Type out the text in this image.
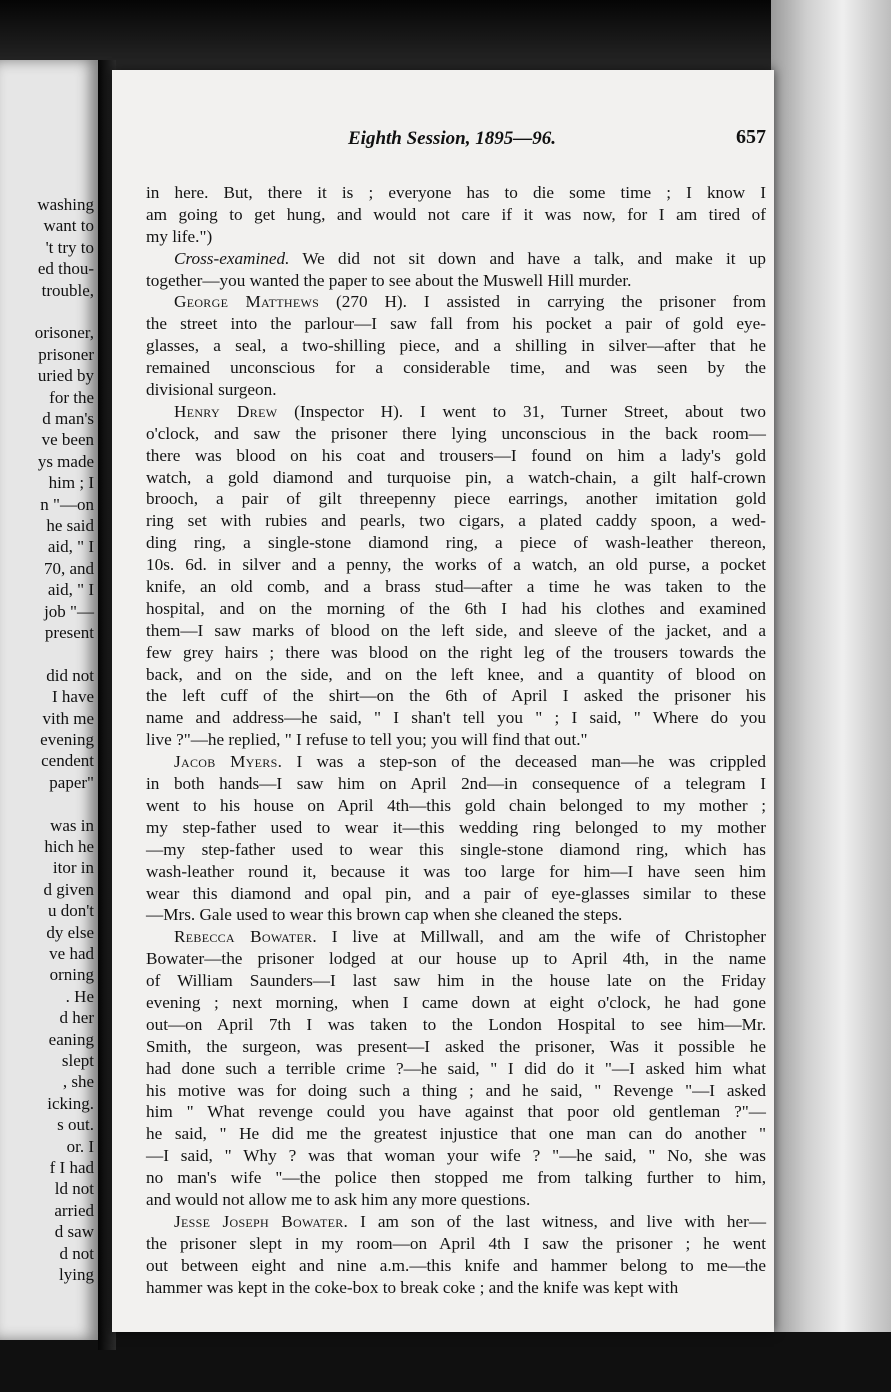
washing
want to
't try to
ed thou-
trouble,
orisoner,
prisoner
uried by
for the
d man's
ve been
ys made
him ; I
n "—on
he said
aid, " I
70, and
aid, " I
job "—
present
did not
I have
vith me
evening
cendent
paper"
was in
hich he
itor in
d given
u don't
dy else
ve had
orning
. He
d her
eaning
slept
, she
icking.
s out.
or. I
f I had
ld not
arried
d saw
d not
lying
Eighth Session, 1895—96.	657
in here. But, there it is ; everyone has to die some time ; I know I
am going to get hung, and would not care if it was now, for I am tired of
my life.")
Cross-examined. We did not sit down and have a talk, and make it up
together—you wanted the paper to see about the Muswell Hill murder.
George Matthews (270 H). I assisted in carrying the prisoner from
the street into the parlour—I saw fall from his pocket a pair of gold eye-
glasses, a seal, a two-shilling piece, and a shilling in silver—after that he
remained unconscious for a considerable time, and was seen by the
divisional surgeon.
Henry Drew (Inspector H). I went to 31, Turner Street, about two
o'clock, and saw the prisoner there lying unconscious in the back room—
there was blood on his coat and trousers—I found on him a lady's gold
watch, a gold diamond and turquoise pin, a watch-chain, a gilt half-crown
brooch, a pair of gilt threepenny piece earrings, another imitation gold
ring set with rubies and pearls, two cigars, a plated caddy spoon, a wed-
ding ring, a single-stone diamond ring, a piece of wash-leather thereon,
10s. 6d. in silver and a penny, the works of a watch, an old purse, a pocket
knife, an old comb, and a brass stud—after a time he was taken to the
hospital, and on the morning of the 6th I had his clothes and examined
them—I saw marks of blood on the left side, and sleeve of the jacket, and a
few grey hairs ; there was blood on the right leg of the trousers towards the
back, and on the side, and on the left knee, and a quantity of blood on
the left cuff of the shirt—on the 6th of April I asked the prisoner his
name and address—he said, " I shan't tell you " ; I said, " Where do you
live ?"—he replied, " I refuse to tell you; you will find that out."
Jacob Myers. I was a step-son of the deceased man—he was crippled
in both hands—I saw him on April 2nd—in consequence of a telegram I
went to his house on April 4th—this gold chain belonged to my mother ;
my step-father used to wear it—this wedding ring belonged to my mother
—my step-father used to wear this single-stone diamond ring, which has
wash-leather round it, because it was too large for him—I have seen him
wear this diamond and opal pin, and a pair of eye-glasses similar to these
—Mrs. Gale used to wear this brown cap when she cleaned the steps.
Rebecca Bowater. I live at Millwall, and am the wife of Christopher
Bowater—the prisoner lodged at our house up to April 4th, in the name
of William Saunders—I last saw him in the house late on the Friday
evening ; next morning, when I came down at eight o'clock, he had gone
out—on April 7th I was taken to the London Hospital to see him—Mr.
Smith, the surgeon, was present—I asked the prisoner, Was it possible he
had done such a terrible crime ?—he said, " I did do it "—I asked him what
his motive was for doing such a thing ; and he said, " Revenge "—I asked
him " What revenge could you have against that poor old gentleman ?"—
he said, " He did me the greatest injustice that one man can do another "
—I said, " Why ? was that woman your wife ? "—he said, " No, she was
no man's wife "—the police then stopped me from talking further to him,
and would not allow me to ask him any more questions.
Jesse Joseph Bowater. I am son of the last witness, and live with her—
the prisoner slept in my room—on April 4th I saw the prisoner ; he went
out between eight and nine a.m.—this knife and hammer belong to me—the
hammer was kept in the coke-box to break coke ; and the knife was kept with
